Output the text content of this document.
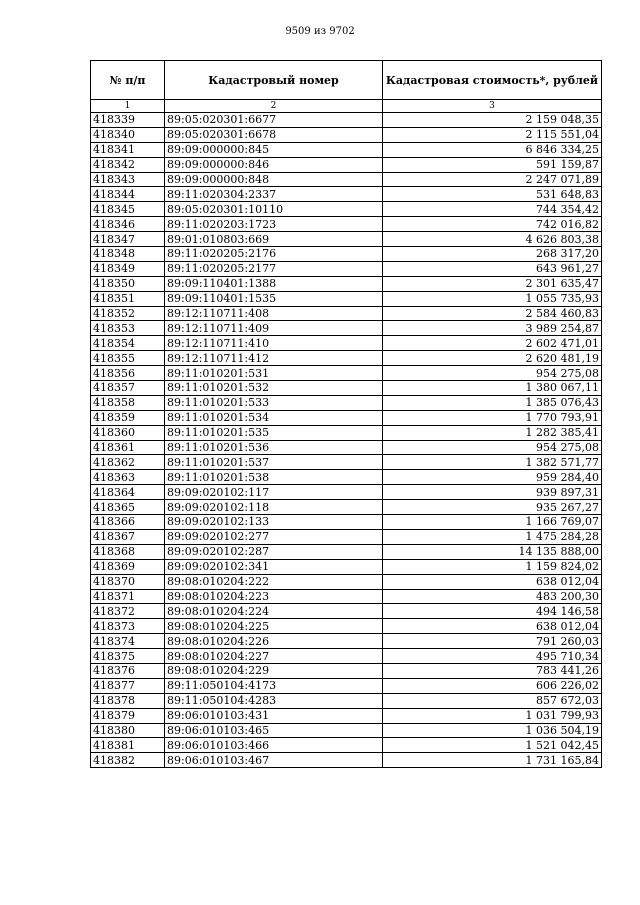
9509 из 9702
№ п/п	Кадастровый номер	Кадастровая стоимость*, рублей
1	2	3
418339	89:05:020301:6677	2 159 048,35
418340	89:05:020301:6678	2 115 551,04
418341	89:09:000000:845	6 846 334,25
418342	89:09:000000:846	591 159,87
418343	89:09:000000:848	2 247 071,89
418344	89:11:020304:2337	531 648,83
418345	89:05:020301:10110	744 354,42
418346	89:11:020203:1723	742 016,82
418347	89:01:010803:669	4 626 803,38
418348	89:11:020205:2176	268 317,20
418349	89:11:020205:2177	643 961,27
418350	89:09:110401:1388	2 301 635,47
418351	89:09:110401:1535	1 055 735,93
418352	89:12:110711:408	2 584 460,83
418353	89:12:110711:409	3 989 254,87
418354	89:12:110711:410	2 602 471,01
418355	89:12:110711:412	2 620 481,19
418356	89:11:010201:531	954 275,08
418357	89:11:010201:532	1 380 067,11
418358	89:11:010201:533	1 385 076,43
418359	89:11:010201:534	1 770 793,91
418360	89:11:010201:535	1 282 385,41
418361	89:11:010201:536	954 275,08
418362	89:11:010201:537	1 382 571,77
418363	89:11:010201:538	959 284,40
418364	89:09:020102:117	939 897,31
418365	89:09:020102:118	935 267,27
418366	89:09:020102:133	1 166 769,07
418367	89:09:020102:277	1 475 284,28
418368	89:09:020102:287	14 135 888,00
418369	89:09:020102:341	1 159 824,02
418370	89:08:010204:222	638 012,04
418371	89:08:010204:223	483 200,30
418372	89:08:010204:224	494 146,58
418373	89:08:010204:225	638 012,04
418374	89:08:010204:226	791 260,03
418375	89:08:010204:227	495 710,34
418376	89:08:010204:229	783 441,26
418377	89:11:050104:4173	606 226,02
418378	89:11:050104:4283	857 672,03
418379	89:06:010103:431	1 031 799,93
418380	89:06:010103:465	1 036 504,19
418381	89:06:010103:466	1 521 042,45
418382	89:06:010103:467	1 731 165,84
